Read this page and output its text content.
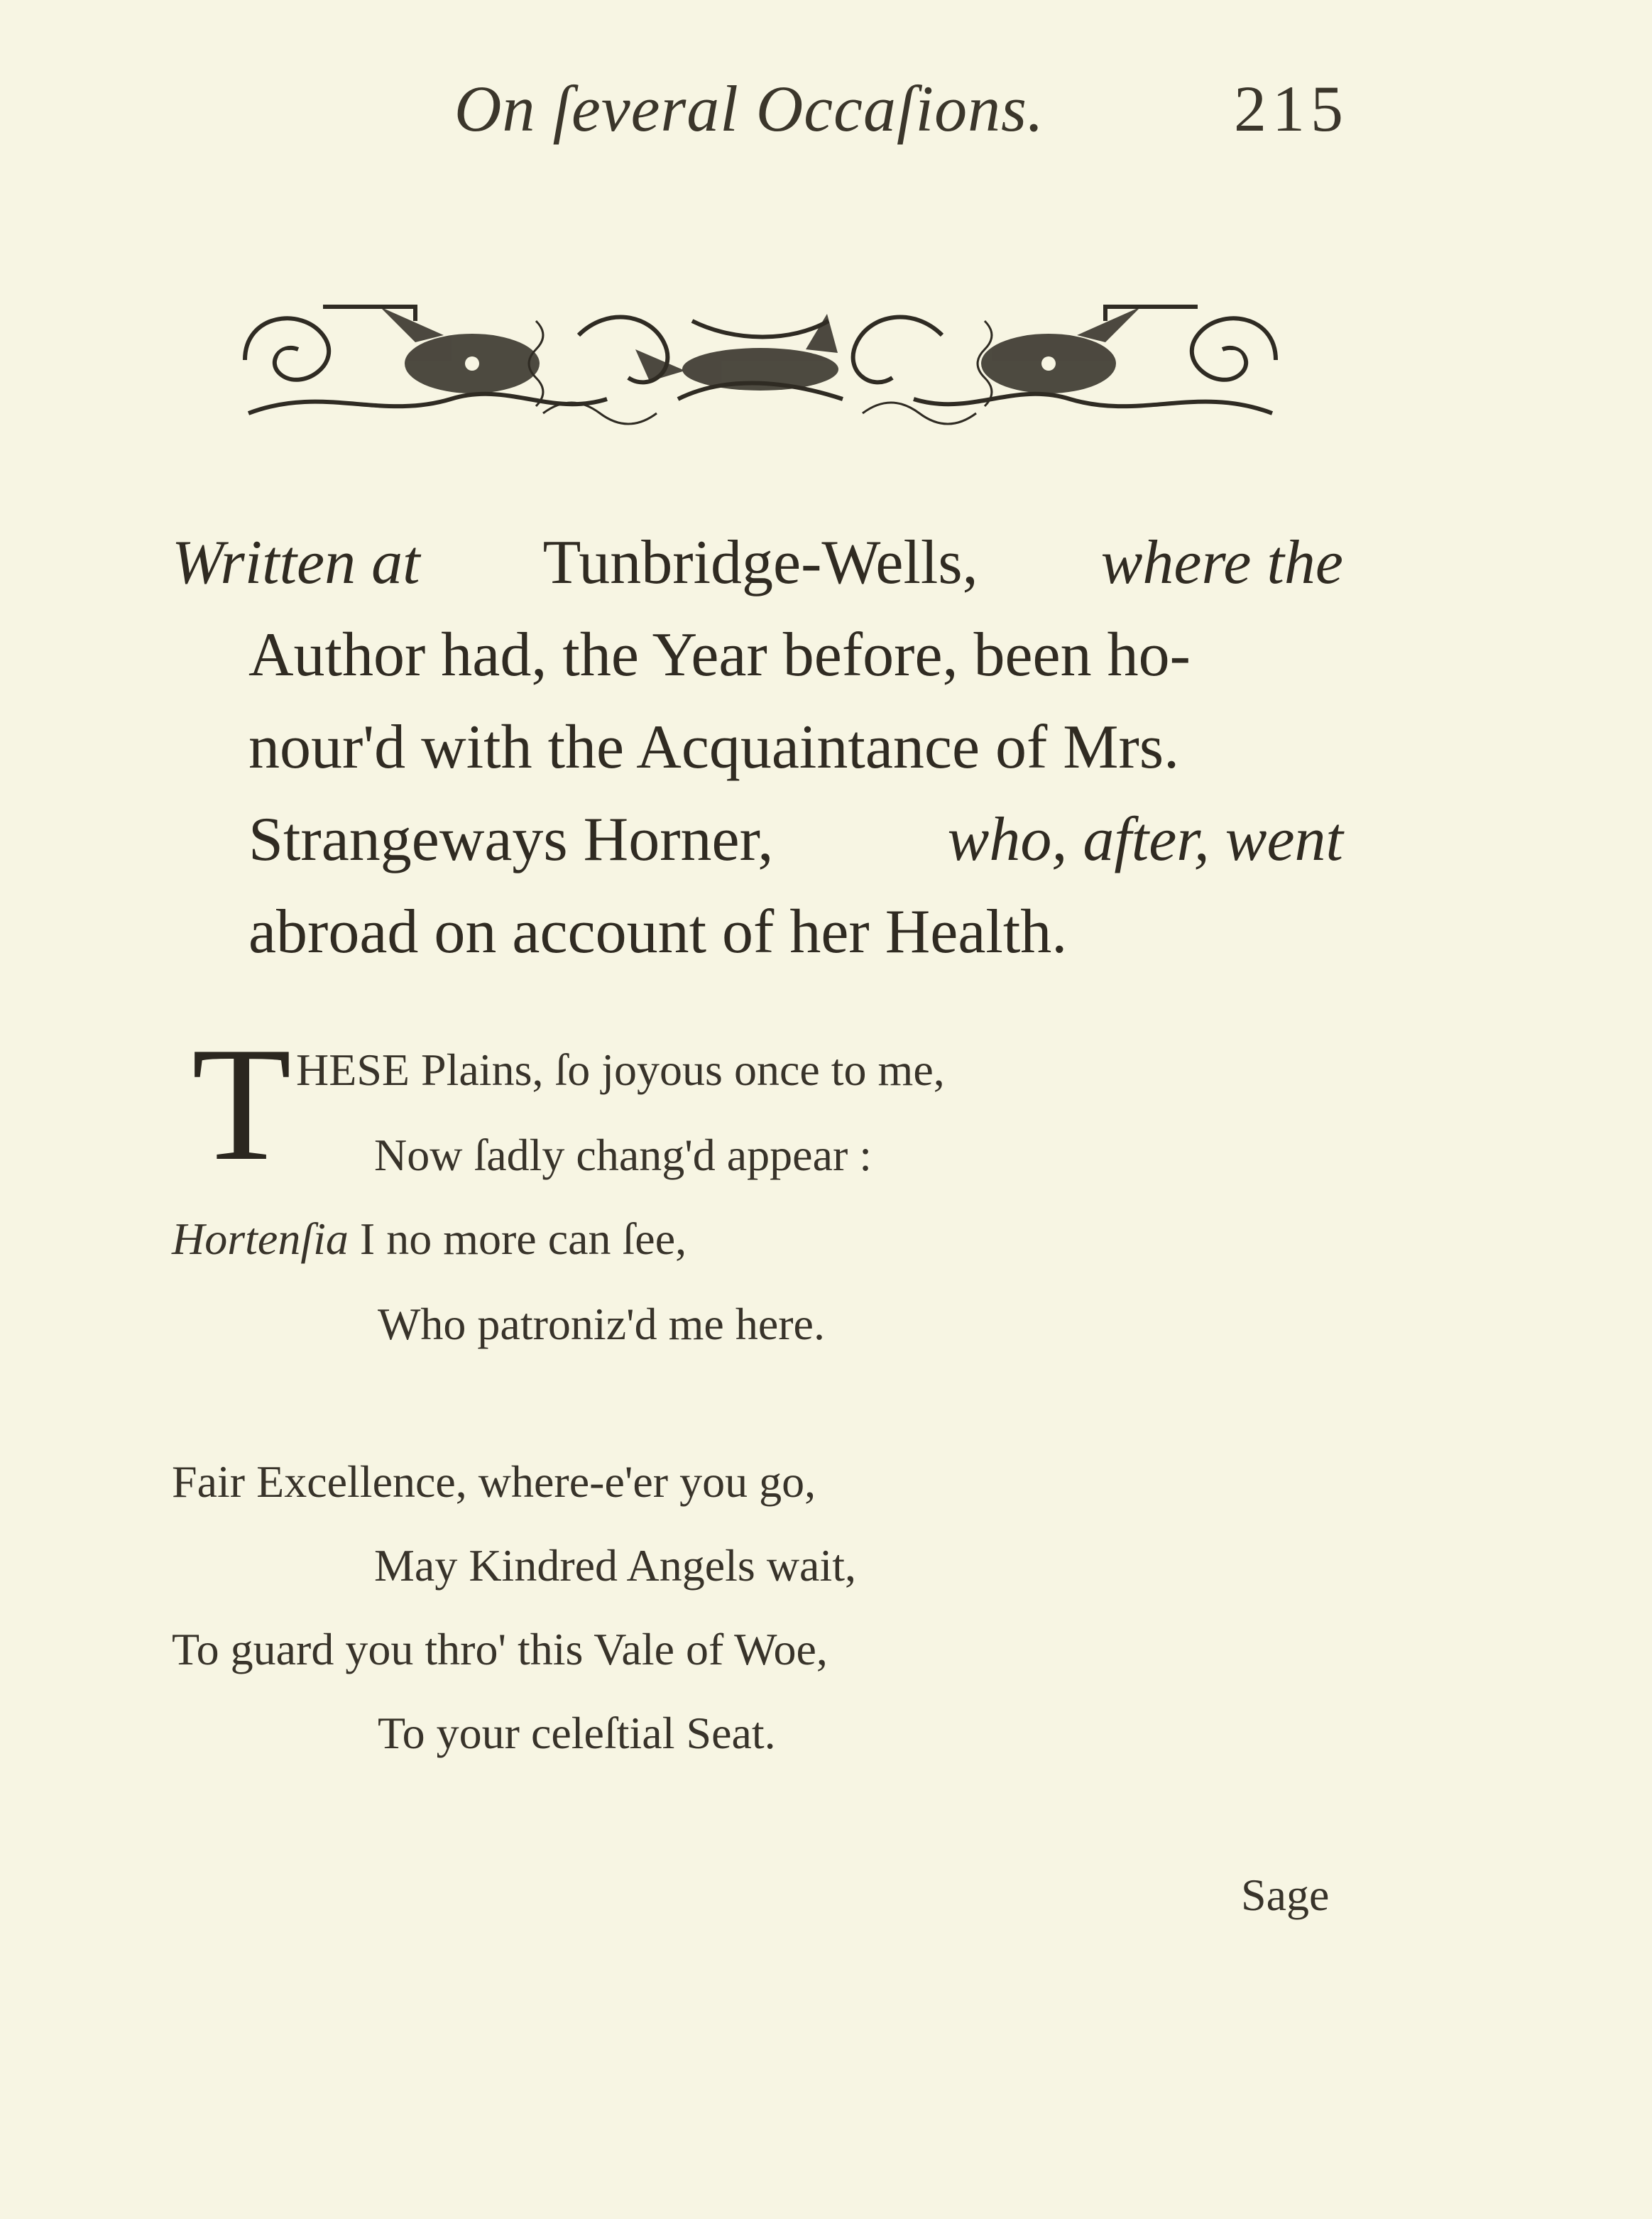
On ſeveral Occaſions.	215
Written at Tunbridge-Wells, where the
Author had, the Year before, been ho-
nour'd with the Acquaintance of Mrs.
Strangeways Horner,	who, after, went
abroad on account of her Health.
T HESE Plains, ſo joyous once to me,
Now ſadly chang'd appear :
Hortenſia I no more can ſee,
Who patroniz'd me here.
Fair Excellence, where-e'er you go,
May Kindred Angels wait,
To guard you thro' this Vale of Woe,
To your celeſtial Seat.
Sage
